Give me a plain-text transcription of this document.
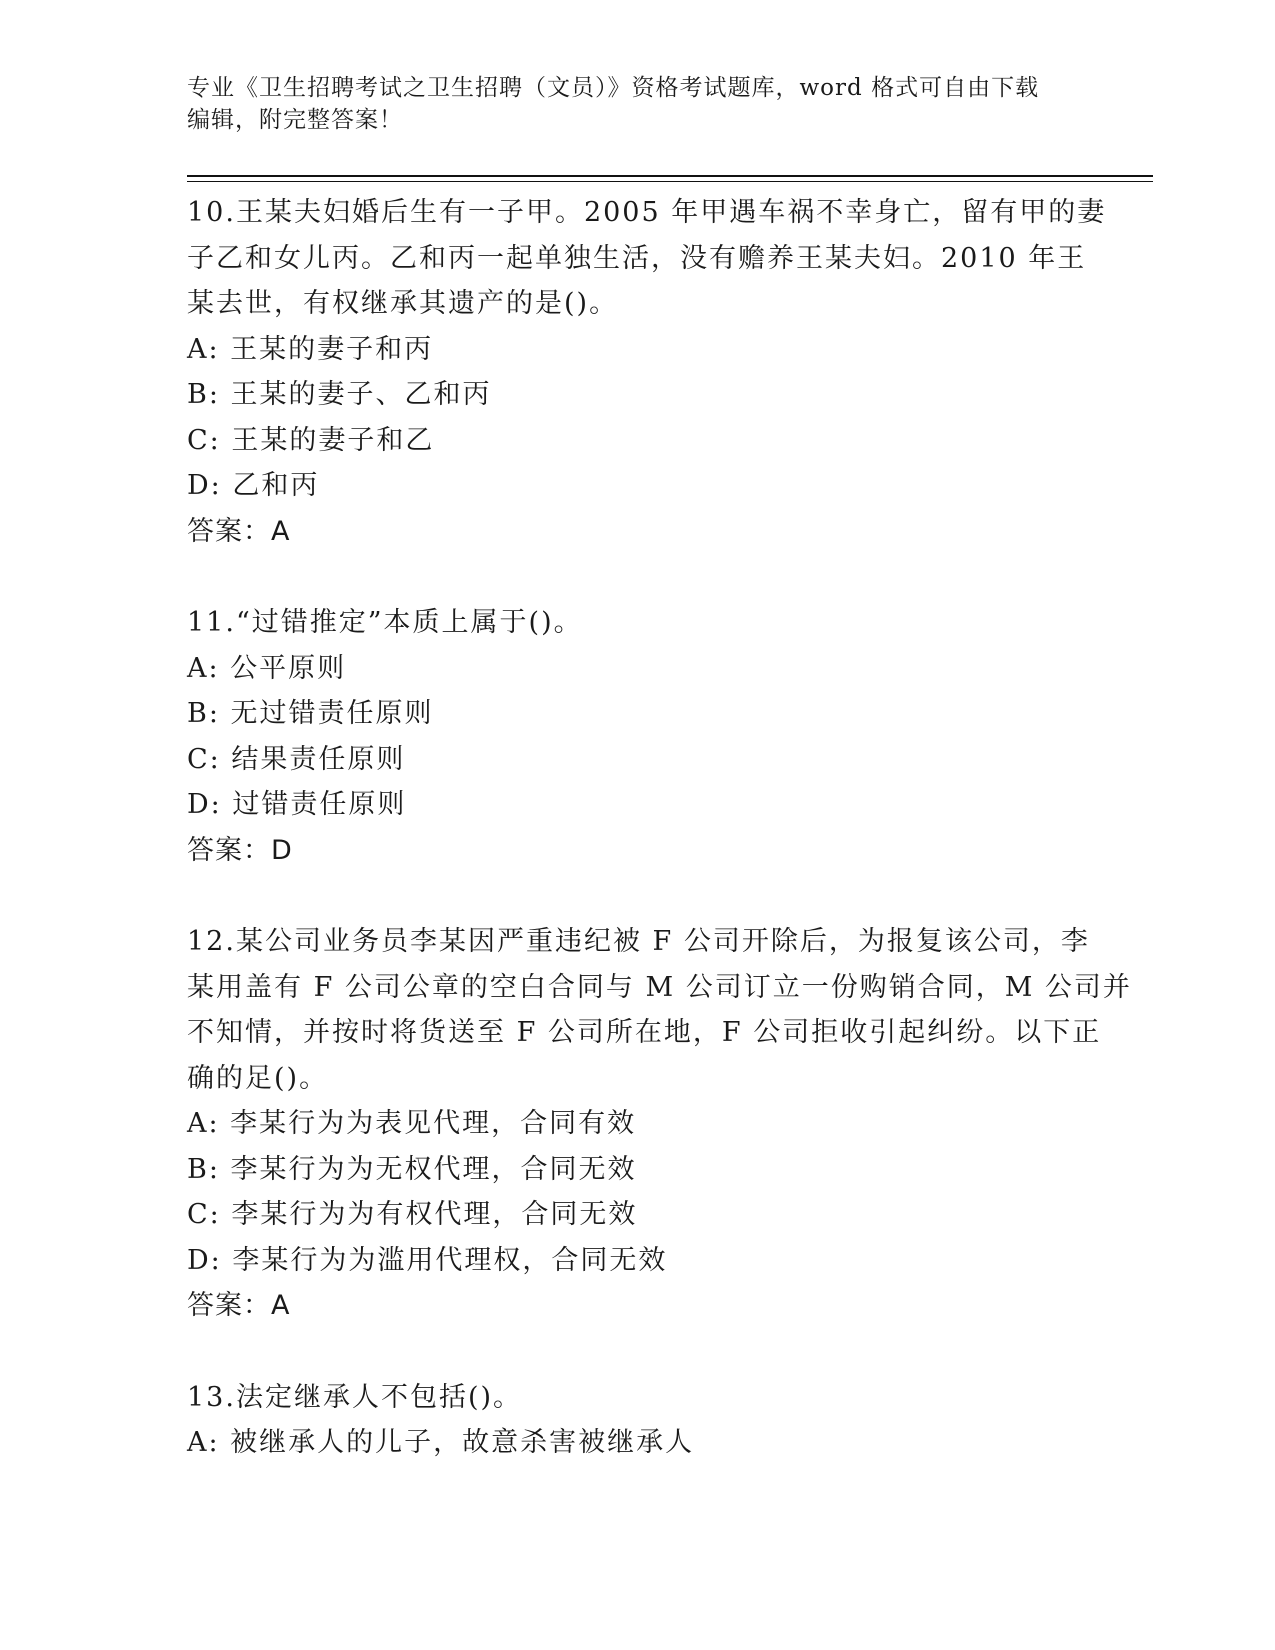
专业《卫生招聘考试之卫生招聘（文员）》资格考试题库，word 格式可自由下载
编辑，附完整答案！
10.王某夫妇婚后生有一子甲。2005 年甲遇车祸不幸身亡，留有甲的妻
子乙和女儿丙。乙和丙一起单独生活，没有赡养王某夫妇。2010 年王
某去世，有权继承其遗产的是()。
A: 王某的妻子和丙
B: 王某的妻子、乙和丙
C: 王某的妻子和乙
D: 乙和丙
答案：A
11.“过错推定”本质上属于()。
A: 公平原则
B: 无过错责任原则
C: 结果责任原则
D: 过错责任原则
答案：D
12.某公司业务员李某因严重违纪被 F 公司开除后，为报复该公司，李
某用盖有 F 公司公章的空白合同与 M 公司订立一份购销合同，M 公司并
不知情，并按时将货送至 F 公司所在地，F 公司拒收引起纠纷。以下正
确的足()。
A: 李某行为为表见代理，合同有效
B: 李某行为为无权代理，合同无效
C: 李某行为为有权代理，合同无效
D: 李某行为为滥用代理权，合同无效
答案：A
13.法定继承人不包括()。
A: 被继承人的儿子，故意杀害被继承人
